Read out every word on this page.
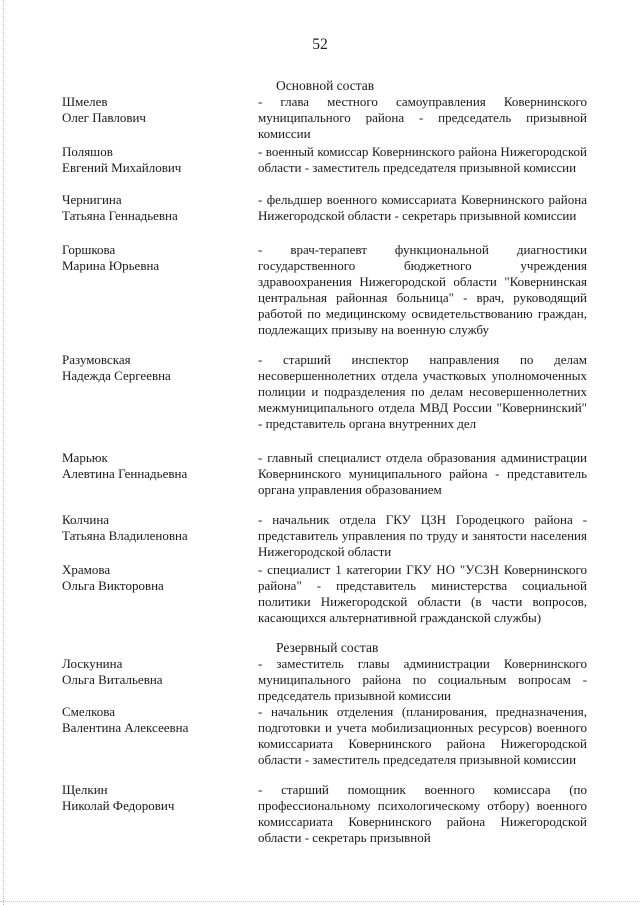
52
Основной состав
Шмелев
Олег Павлович
- глава местного самоуправления Ковернинского муниципального района - председатель призывной комиссии
Поляшов
Евгений Михайлович
- военный комиссар Ковернинского района Нижегородской области - заместитель председателя призывной комиссии
Чернигина
Татьяна Геннадьевна
- фельдшер военного комиссариата Ковернинского района Нижегородской области - секретарь призывной комиссии
Горшкова
Марина Юрьевна
- врач-терапевт функциональной диагностики государственного бюджетного учреждения здравоохранения Нижегородской области "Ковернинская центральная районная больница" - врач, руководящий работой по медицинскому освидетельствованию граждан, подлежащих призыву на военную службу
Разумовская
Надежда Сергеевна
- старший инспектор направления по делам несовершеннолетних отдела участковых уполномоченных полиции и подразделения по делам несовершеннолетних межмуниципального отдела МВД России "Ковернинский" - представитель органа внутренних дел
Марьюк
Алевтина Геннадьевна
- главный специалист отдела образования администрации Ковернинского муниципального района - представитель органа управления образованием
Колчина
Татьяна Владиленовна
- начальник отдела ГКУ ЦЗН Городецкого района - представитель управления по труду и занятости населения Нижегородской области
Храмова
Ольга Викторовна
- специалист 1 категории ГКУ НО "УСЗН Ковернинского района" - представитель министерства социальной политики Нижегородской области (в части вопросов, касающихся альтернативной гражданской службы)
Резервный состав
Лоскунина
Ольга Витальевна
- заместитель главы администрации Ковернинского муниципального района по социальным вопросам - председатель призывной комиссии
Смелкова
Валентина Алексеевна
- начальник отделения (планирования, предназначения, подготовки и учета мобилизационных ресурсов) военного комиссариата Ковернинского района Нижегородской области - заместитель председателя призывной комиссии
Щелкин
Николай Федорович
- старший помощник военного комиссара (по профессиональному психологическому отбору) военного комиссариата Ковернинского района Нижегородской области - секретарь призывной
